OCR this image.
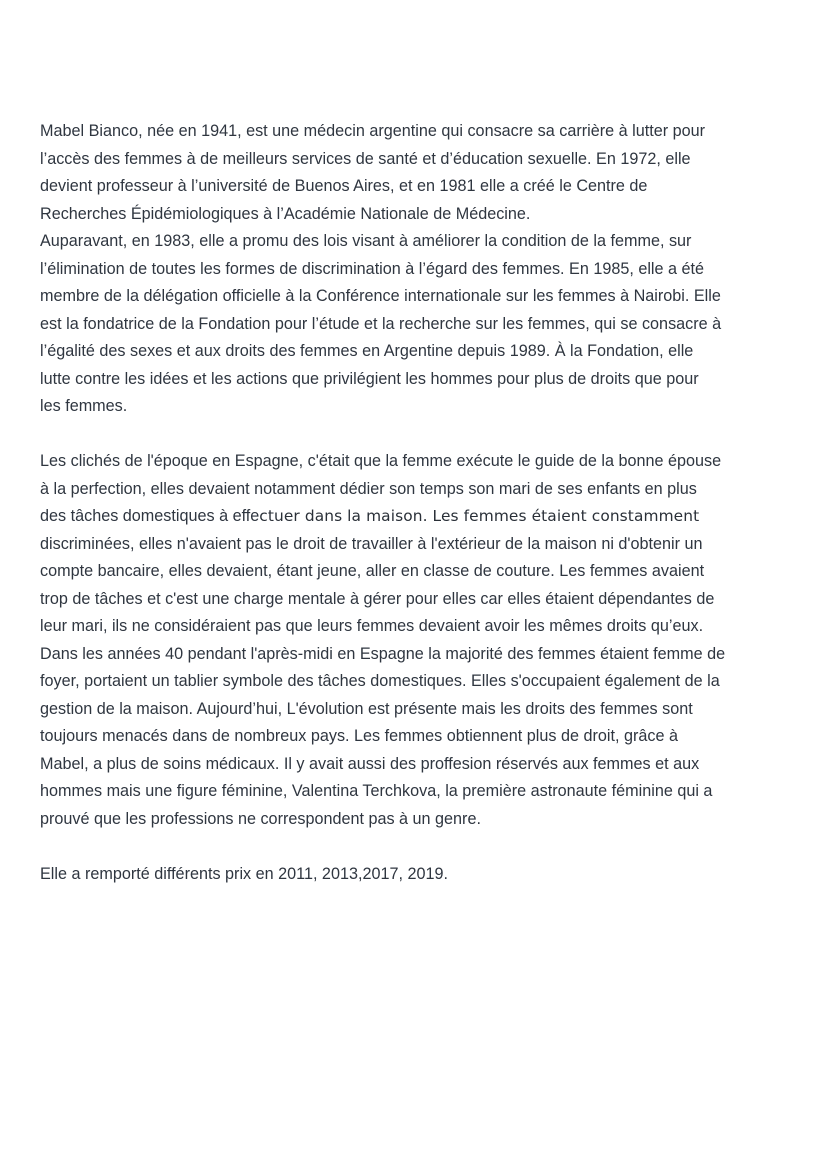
Mabel Bianco, née en 1941, est une médecin argentine qui consacre sa carrière à lutter pour
l’accès des femmes à de meilleurs services de santé et d’éducation sexuelle. En 1972, elle
devient professeur à l’université de Buenos Aires, et en 1981 elle a créé le Centre de
Recherches Épidémiologiques à l’Académie Nationale de Médecine.
Auparavant, en 1983, elle a promu des lois visant à améliorer la condition de la femme, sur
l’élimination de toutes les formes de discrimination à l’égard des femmes. En 1985, elle a été
membre de la délégation officielle à la Conférence internationale sur les femmes à Nairobi. Elle
est la fondatrice de la Fondation pour l’étude et la recherche sur les femmes, qui se consacre à
l’égalité des sexes et aux droits des femmes en Argentine depuis 1989. À la Fondation, elle
lutte contre les idées et les actions que privilégient les hommes pour plus de droits que pour
les femmes.
Les clichés de l'époque en Espagne, c'était que la femme exécute le guide de la bonne épouse
à la perfection, elles devaient notamment dédier son temps son mari de ses enfants en plus
des tâches domestiques à effectuer dans la maison. Les femmes étaient constamment
discriminées, elles n'avaient pas le droit de travailler à l'extérieur de la maison ni d'obtenir un
compte bancaire, elles devaient, étant jeune, aller en classe de couture. Les femmes avaient
trop de tâches et c'est une charge mentale à gérer pour elles car elles étaient dépendantes de
leur mari, ils ne considéraient pas que leurs femmes devaient avoir les mêmes droits qu’eux.
Dans les années 40 pendant l'après-midi en Espagne la majorité des femmes étaient femme de
foyer, portaient un tablier symbole des tâches domestiques. Elles s'occupaient également de la
gestion de la maison. Aujourd’hui, L'évolution est présente mais les droits des femmes sont
toujours menacés dans de nombreux pays. Les femmes obtiennent plus de droit, grâce à
Mabel, a plus de soins médicaux. Il y avait aussi des proffesion réservés aux femmes et aux
hommes mais une figure féminine, Valentina Terchkova, la première astronaute féminine qui a
prouvé que les professions ne correspondent pas à un genre.
Elle a remporté différents prix en 2011, 2013,2017, 2019.
